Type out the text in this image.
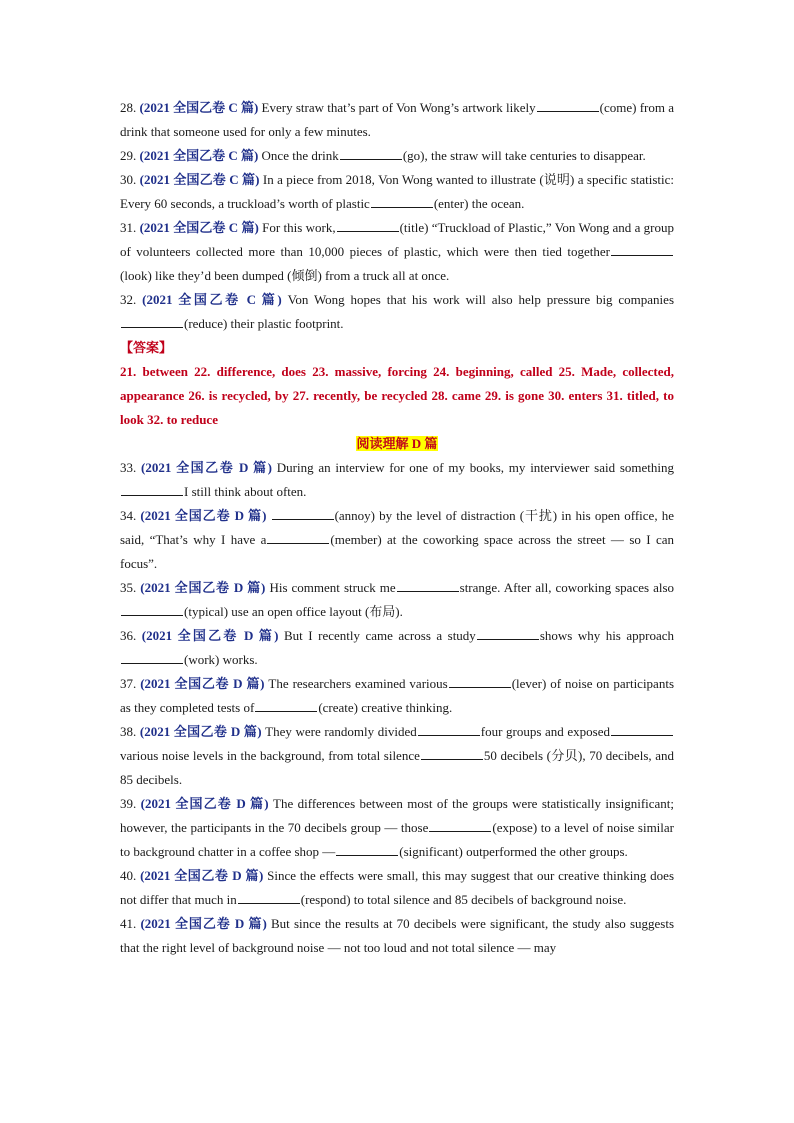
28. (2021 全国乙卷 C 篇) Every straw that’s part of Von Wong’s artwork likely	(come) from a drink that someone used for only a few minutes.

29. (2021 全国乙卷 C 篇) Once the drink	(go), the straw will take centuries to disappear.

30. (2021 全国乙卷 C 篇) In a piece from 2018, Von Wong wanted to illustrate (说明) a specific statistic: Every 60 seconds, a truckload’s worth of plastic	(enter) the ocean.

31. (2021 全国乙卷 C 篇) For this work,	(title) “Truckload of Plastic,” Von Wong and a group of volunteers collected more than 10,000 pieces of plastic, which were then tied together(look) like they’d been dumped (倾倒) from a truck all at once.

32. (2021 全国乙卷 C 篇) Von Wong hopes that his work will also help pressure big companies(reduce) their plastic footprint.

【答案】

21. between 22. difference, does 23. massive, forcing 24. beginning, called 25. Made, collected, appearance 26. is recycled, by 27. recently, be recycled 28. came 29. is gone 30. enters 31. titled, to look 32. to reduce

阅读理解 D 篇

33. (2021 全国乙卷 D 篇) During an interview for one of my books, my interviewer said somethingI still think about often.

34. (2021 全国乙卷 D 篇)	(annoy) by the level of distraction (干扰) in his open office, he said, “That’s why I have a	(member) at the coworking space across the street — so I can focus”.

35. (2021 全国乙卷 D 篇) His comment struck me	strange. After all, coworking spaces also(typical) use an open office layout (布局).

36. (2021 全国乙卷 D 篇) But I recently came across a study	shows why his approach(work) works.

37. (2021 全国乙卷 D 篇) The researchers examined various	(lever) of noise on participants as they completed tests of	(create) creative thinking.

38. (2021 全国乙卷 D 篇) They were randomly divided	four groups and exposedvarious noise levels in the background, from total silence	50 decibels (分贝), 70 decibels, and 85 decibels.

39. (2021 全国乙卷 D 篇) The differences between most of the groups were statistically insignificant; however, the participants in the 70 decibels group — those	(expose) to a level of noise similar to background chatter in a coffee shop —	(significant) outperformed the other groups.

40. (2021 全国乙卷 D 篇) Since the effects were small, this may suggest that our creative thinking does not differ that much in	(respond) to total silence and 85 decibels of background noise.

41. (2021 全国乙卷 D 篇) But since the results at 70 decibels were significant, the study also suggests that the right level of background noise — not too loud and not total silence — may
